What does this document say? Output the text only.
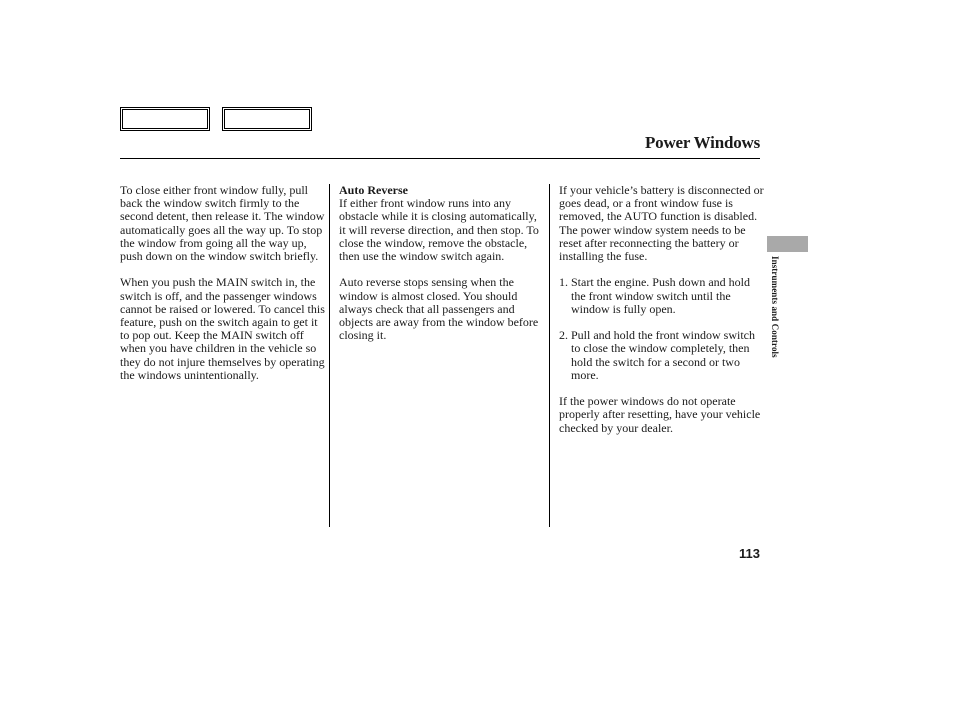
Power Windows

To close either front window fully, pull back the window switch firmly to the second detent, then release it. The window automatically goes all the way up. To stop the window from going all the way up, push down on the window switch briefly.

When you push the MAIN switch in, the switch is off, and the passenger windows cannot be raised or lowered. To cancel this feature, push on the switch again to get it to pop out. Keep the MAIN switch off when you have children in the vehicle so they do not injure themselves by operating the windows unintentionally.

Auto Reverse
If either front window runs into any obstacle while it is closing automatically, it will reverse direction, and then stop. To close the window, remove the obstacle, then use the window switch again.

Auto reverse stops sensing when the window is almost closed. You should always check that all passengers and objects are away from the window before closing it.

If your vehicle’s battery is disconnected or goes dead, or a front window fuse is removed, the AUTO function is disabled. The power window system needs to be reset after reconnecting the battery or installing the fuse.

1. Start the engine. Push down and hold the front window switch until the window is fully open.
2. Pull and hold the front window switch to close the window completely, then hold the switch for a second or two more.

If the power windows do not operate properly after resetting, have your vehicle checked by your dealer.

Instruments and Controls
113
